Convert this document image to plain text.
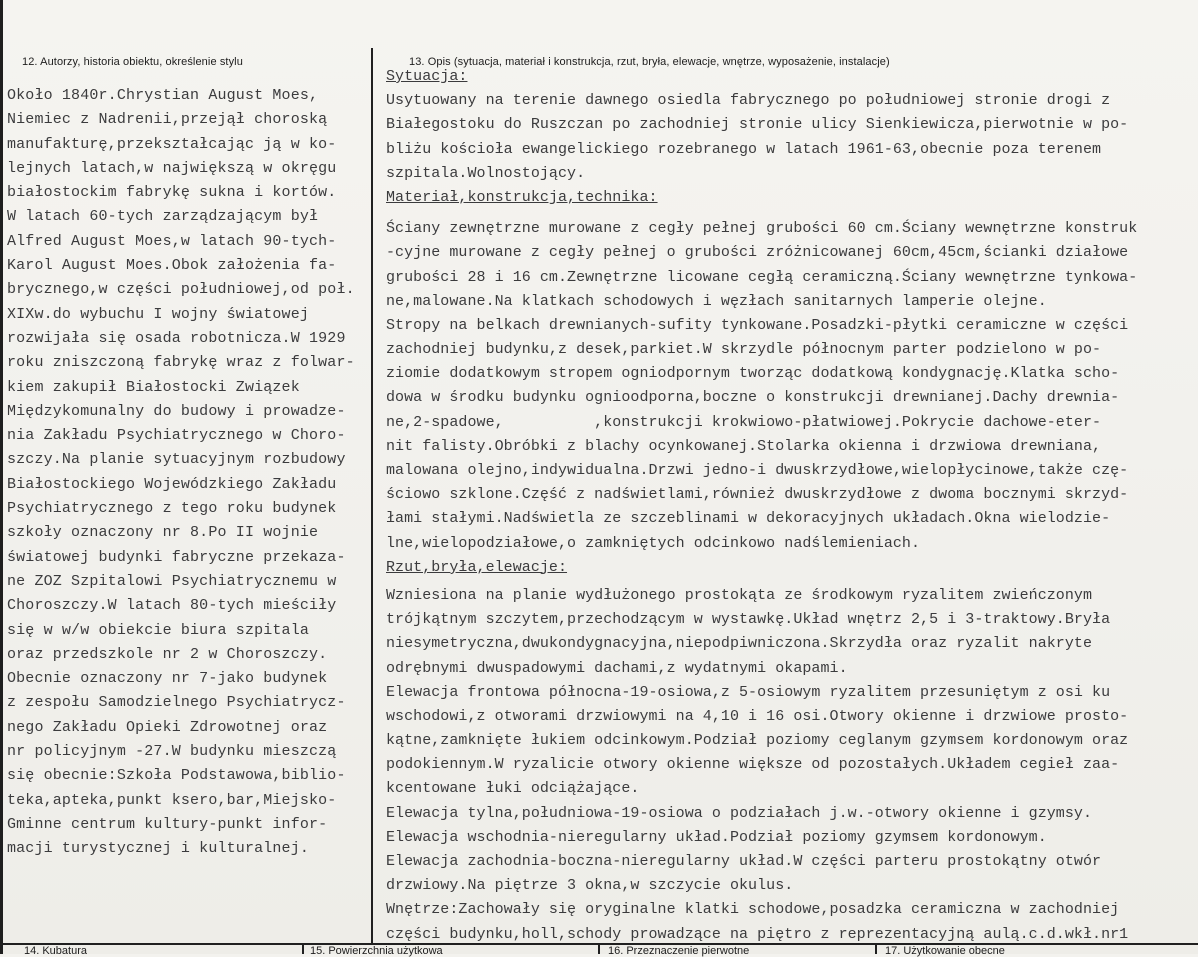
12. Autorzy, historia obiektu, określenie stylu	13. Opis (sytuacja, materiał i konstrukcja, rzut, bryła, elewacje, wnętrze, wyposażenie, instalacje)
Około 1840r.Chrystian August Moes,
Niemiec z Nadrenii,przejął choroską
manufakturę,przekształcając ją w ko-
lejnych latach,w największą w okręgu
białostockim fabrykę sukna i kortów.
W latach 60-tych zarządzającym był
Alfred August Moes,w latach 90-tych-
Karol August Moes.Obok założenia fa-
brycznego,w części południowej,od poł.
XIXw.do wybuchu I wojny światowej
rozwijała się osada robotnicza.W 1929
roku zniszczoną fabrykę wraz z folwar-
kiem zakupił Białostocki Związek
Międzykomunalny do budowy i prowadze-
nia Zakładu Psychiatrycznego w Choro-
szczy.Na planie sytuacyjnym rozbudowy
Białostockiego Wojewódzkiego Zakładu
Psychiatrycznego z tego roku budynek
szkoły oznaczony nr 8.Po II wojnie
światowej budynki fabryczne przekaza-
ne ZOZ Szpitalowi Psychiatrycznemu w
Choroszczy.W latach 80-tych mieściły
się w w/w obiekcie biura szpitala
oraz przedszkole nr 2 w Choroszczy.
Obecnie oznaczony nr 7-jako budynek
z zespołu Samodzielnego Psychiatrycz-
nego Zakładu Opieki Zdrowotnej oraz
nr policyjnym -27.W budynku mieszczą
się obecnie:Szkoła Podstawowa,biblio-
teka,apteka,punkt ksero,bar,Miejsko-
Gminne centrum kultury-punkt infor-
macji turystycznej i kulturalnej.
Sytuacja:
Usytuowany na terenie dawnego osiedla fabrycznego po południowej stronie drogi z
Białegostoku do Ruszczan po zachodniej stronie ulicy Sienkiewicza,pierwotnie w po-
bliżu kościoła ewangelickiego rozebranego w latach 1961-63,obecnie poza terenem
szpitala.Wolnostojący.
Materiał,konstrukcja,technika:
Ściany zewnętrzne murowane z cegły pełnej grubości 60 cm.Ściany wewnętrzne konstruk
-cyjne murowane z cegły pełnej o grubości zróżnicowanej 60cm,45cm,ścianki działowe
grubości 28 i 16 cm.Zewnętrzne licowane cegłą ceramiczną.Ściany wewnętrzne tynkowa-
ne,malowane.Na klatkach schodowych i węzłach sanitarnych lamperie olejne.
Stropy na belkach drewnianych-sufity tynkowane.Posadzki-płytki ceramiczne w części
zachodniej budynku,z desek,parkiet.W skrzydle północnym parter podzielono w po-
ziomie dodatkowym stropem ogniodpornym tworząc dodatkową kondygnację.Klatka scho-
dowa w środku budynku ognioodporna,boczne o konstrukcji drewnianej.Dachy drewnia-
ne,2-spadowe,          ,konstrukcji krokwiowo-płatwiowej.Pokrycie dachowe-eter-
nit falisty.Obróbki z blachy ocynkowanej.Stolarka okienna i drzwiowa drewniana,
malowana olejno,indywidualna.Drzwi jedno-i dwuskrzydłowe,wielopłycinowe,także czę-
ściowo szklone.Część z nadświetlami,również dwuskrzydłowe z dwoma bocznymi skrzyd-
łami stałymi.Nadświetla ze szczeblinami w dekoracyjnych układach.Okna wielodzie-
lne,wielopodziałowe,o zamkniętych odcinkowo nadślemieniach.
Rzut,bryła,elewacje:
Wzniesiona na planie wydłużonego prostokąta ze środkowym ryzalitem zwieńczonym
trójkątnym szczytem,przechodzącym w wystawkę.Układ wnętrz 2,5 i 3-traktowy.Bryła
niesymetryczna,dwukondygnacyjna,niepodpiwniczona.Skrzydła oraz ryzalit nakryte
odrębnymi dwuspadowymi dachami,z wydatnymi okapami.
Elewacja frontowa północna-19-osiowa,z 5-osiowym ryzalitem przesuniętym z osi ku
wschodowi,z otworami drzwiowymi na 4,10 i 16 osi.Otwory okienne i drzwiowe prosto-
kątne,zamknięte łukiem odcinkowym.Podział poziomy ceglanym gzymsem kordonowym oraz
podokiennym.W ryzalicie otwory okienne większe od pozostałych.Układem cegieł zaa-
kcentowane łuki odciążające.
Elewacja tylna,południowa-19-osiowa o podziałach j.w.-otwory okienne i gzymsy.
Elewacja wschodnia-nieregularny układ.Podział poziomy gzymsem kordonowym.
Elewacja zachodnia-boczna-nieregularny układ.W części parteru prostokątny otwór
drzwiowy.Na piętrze 3 okna,w szczycie okulus.
Wnętrze:Zachowały się oryginalne klatki schodowe,posadzka ceramiczna w zachodniej
części budynku,holl,schody prowadzące na piętro z reprezentacyjną aulą.c.d.wkł.nr1
14. Kubatura	15. Powierzchnia użytkowa	16. Przeznaczenie pierwotne	17. Użytkowanie obecne
